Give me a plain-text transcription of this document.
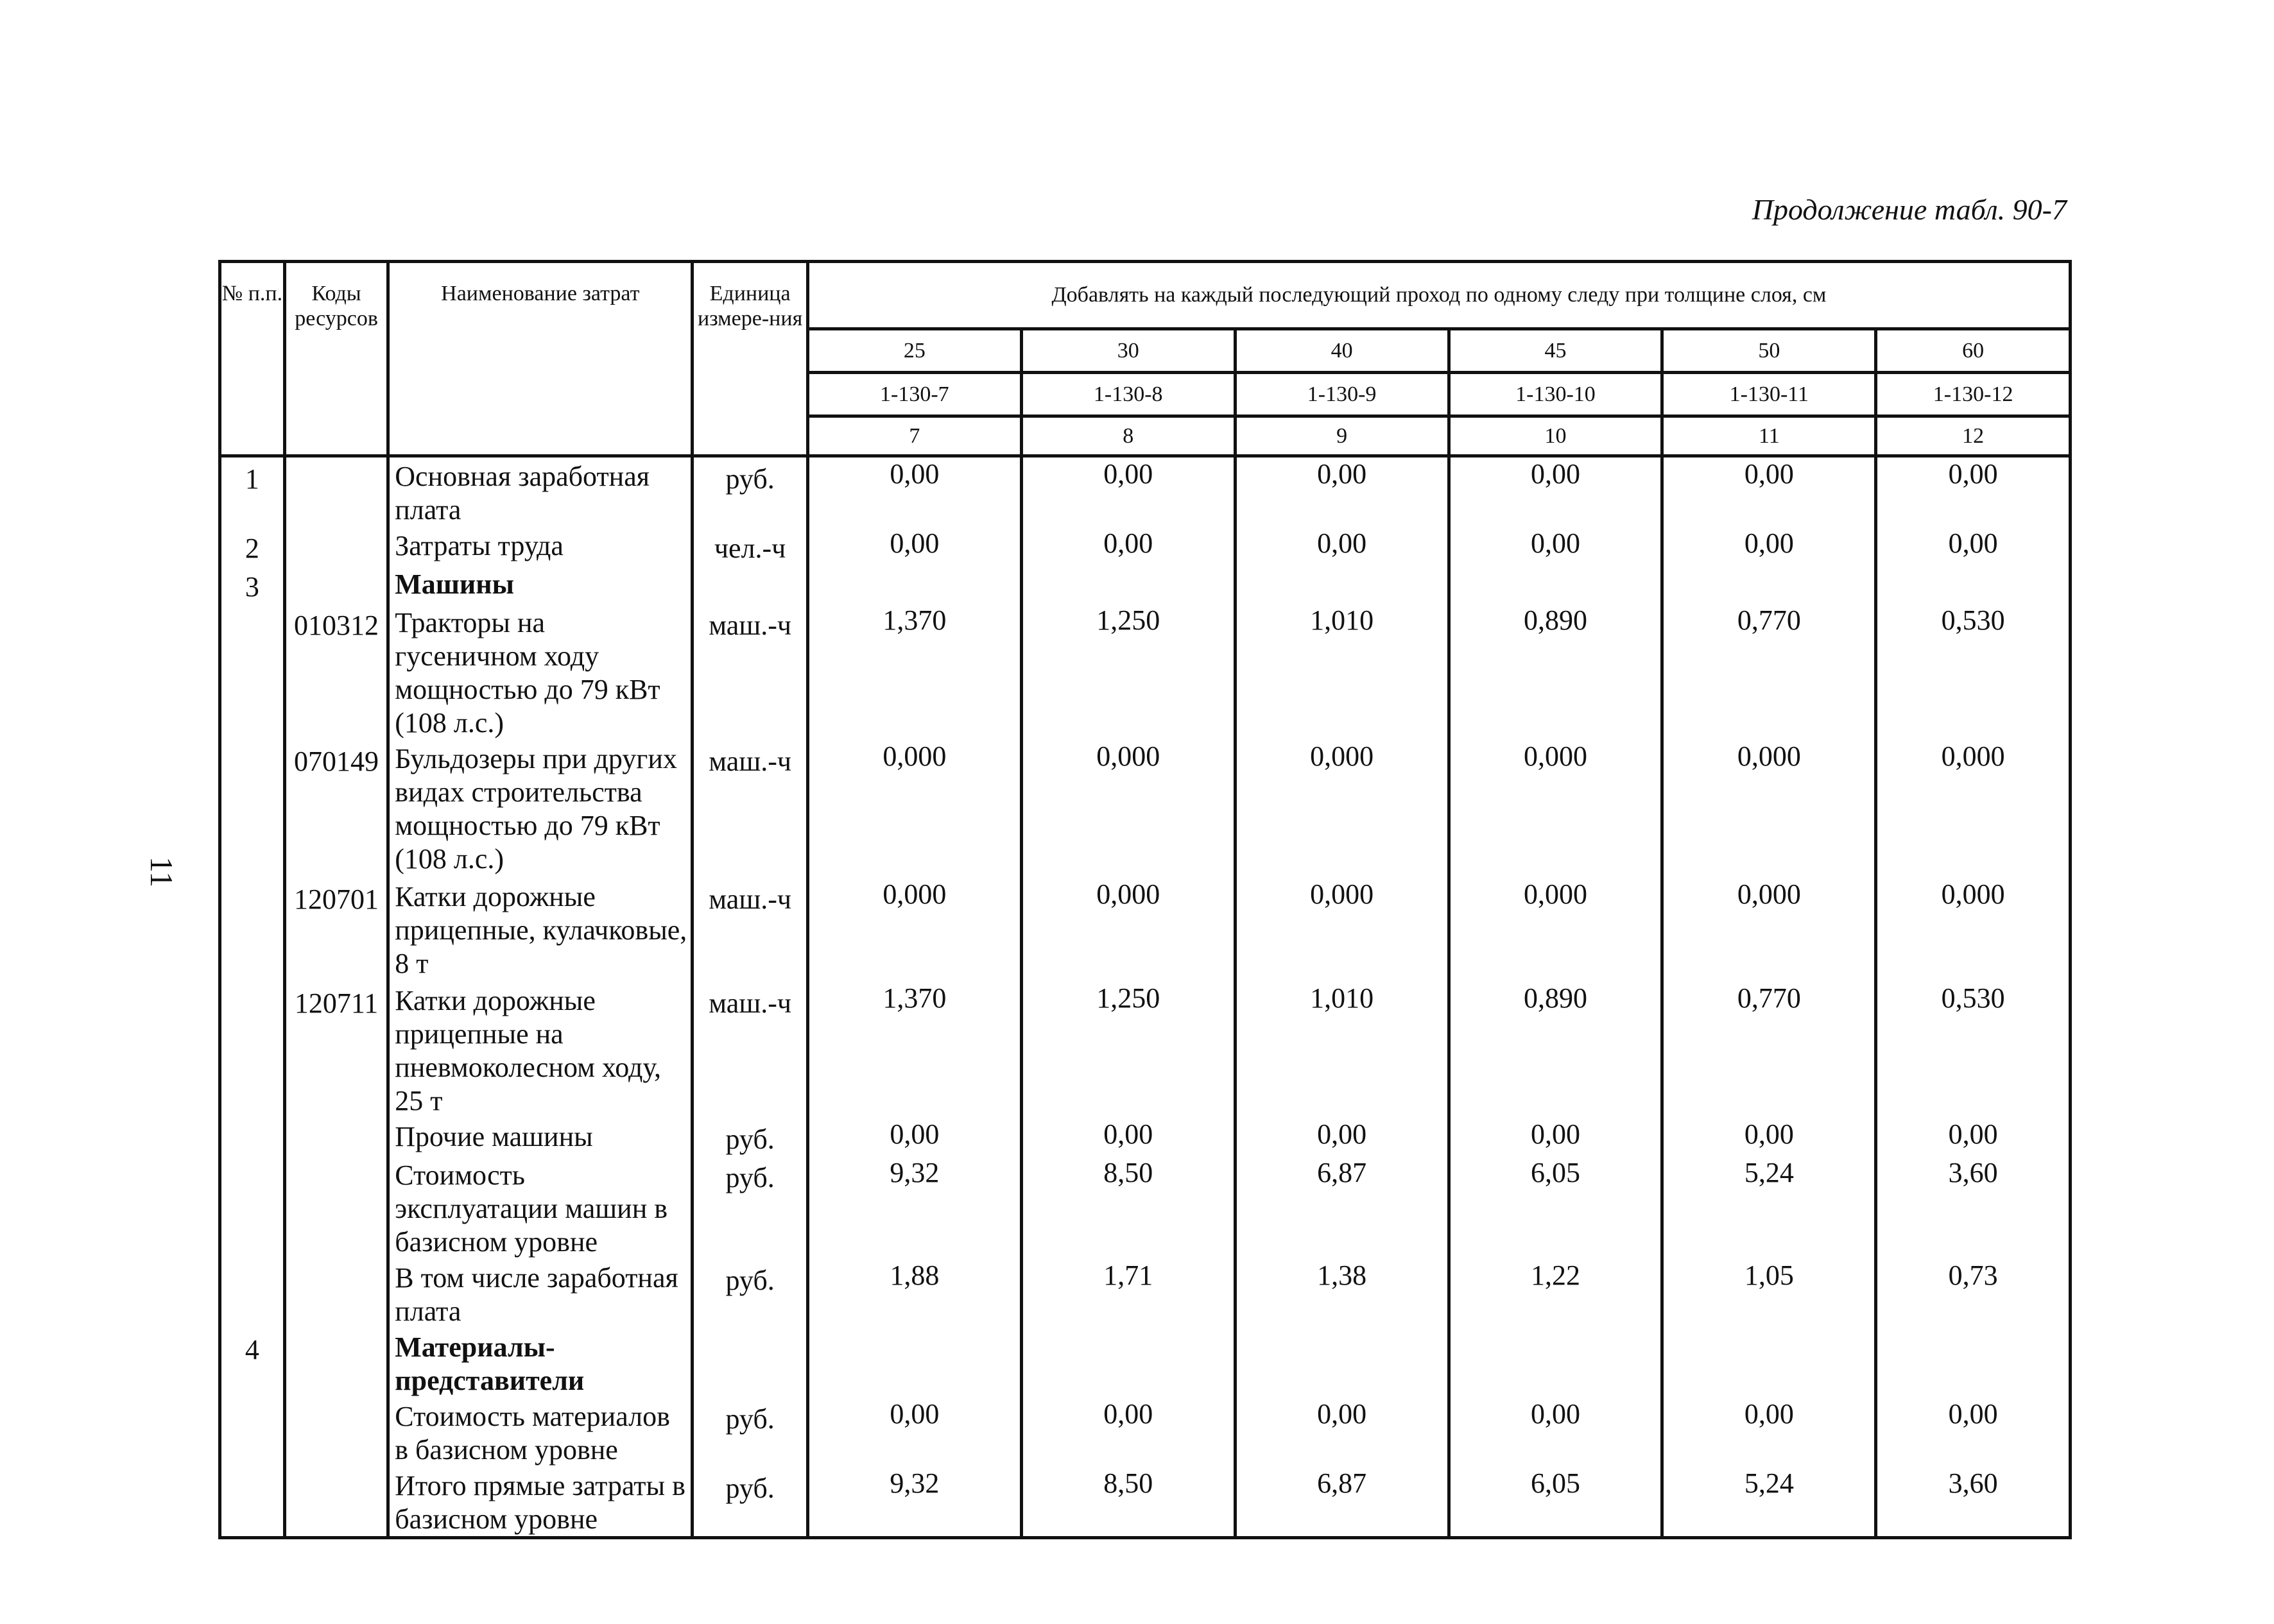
Продолжение табл. 90-7
11
№ п.п.	Коды ресурсов	Наименование затрат	Единица измере-ния	Добавлять на каждый последующий проход по одному следу при толщине слоя, см					
				25	30	40	45	50	60
				1-130-7	1-130-8	1-130-9	1-130-10	1-130-11	1-130-12
				7	8	9	10	11	12
1		Основная заработная плата	руб.	0,00	0,00	0,00	0,00	0,00	0,00
2		Затраты труда	чел.-ч	0,00	0,00	0,00	0,00	0,00	0,00
3		Машины							
	010312	Тракторы на гусеничном ходу мощностью до 79 кВт (108 л.с.)	маш.-ч	1,370	1,250	1,010	0,890	0,770	0,530
	070149	Бульдозеры при других видах строительства мощностью до 79 кВт (108 л.с.)	маш.-ч	0,000	0,000	0,000	0,000	0,000	0,000
	120701	Катки дорожные прицепные, кулачковые, 8 т	маш.-ч	0,000	0,000	0,000	0,000	0,000	0,000
	120711	Катки дорожные прицепные на пневмоколесном ходу, 25 т	маш.-ч	1,370	1,250	1,010	0,890	0,770	0,530
		Прочие машины	руб.	0,00	0,00	0,00	0,00	0,00	0,00
		Стоимость эксплуатации машин в базисном уровне	руб.	9,32	8,50	6,87	6,05	5,24	3,60
		В том числе заработная плата	руб.	1,88	1,71	1,38	1,22	1,05	0,73
4		Материалы-представители							
		Стоимость материалов в базисном уровне	руб.	0,00	0,00	0,00	0,00	0,00	0,00
		Итого прямые затраты в базисном уровне	руб.	9,32	8,50	6,87	6,05	5,24	3,60
